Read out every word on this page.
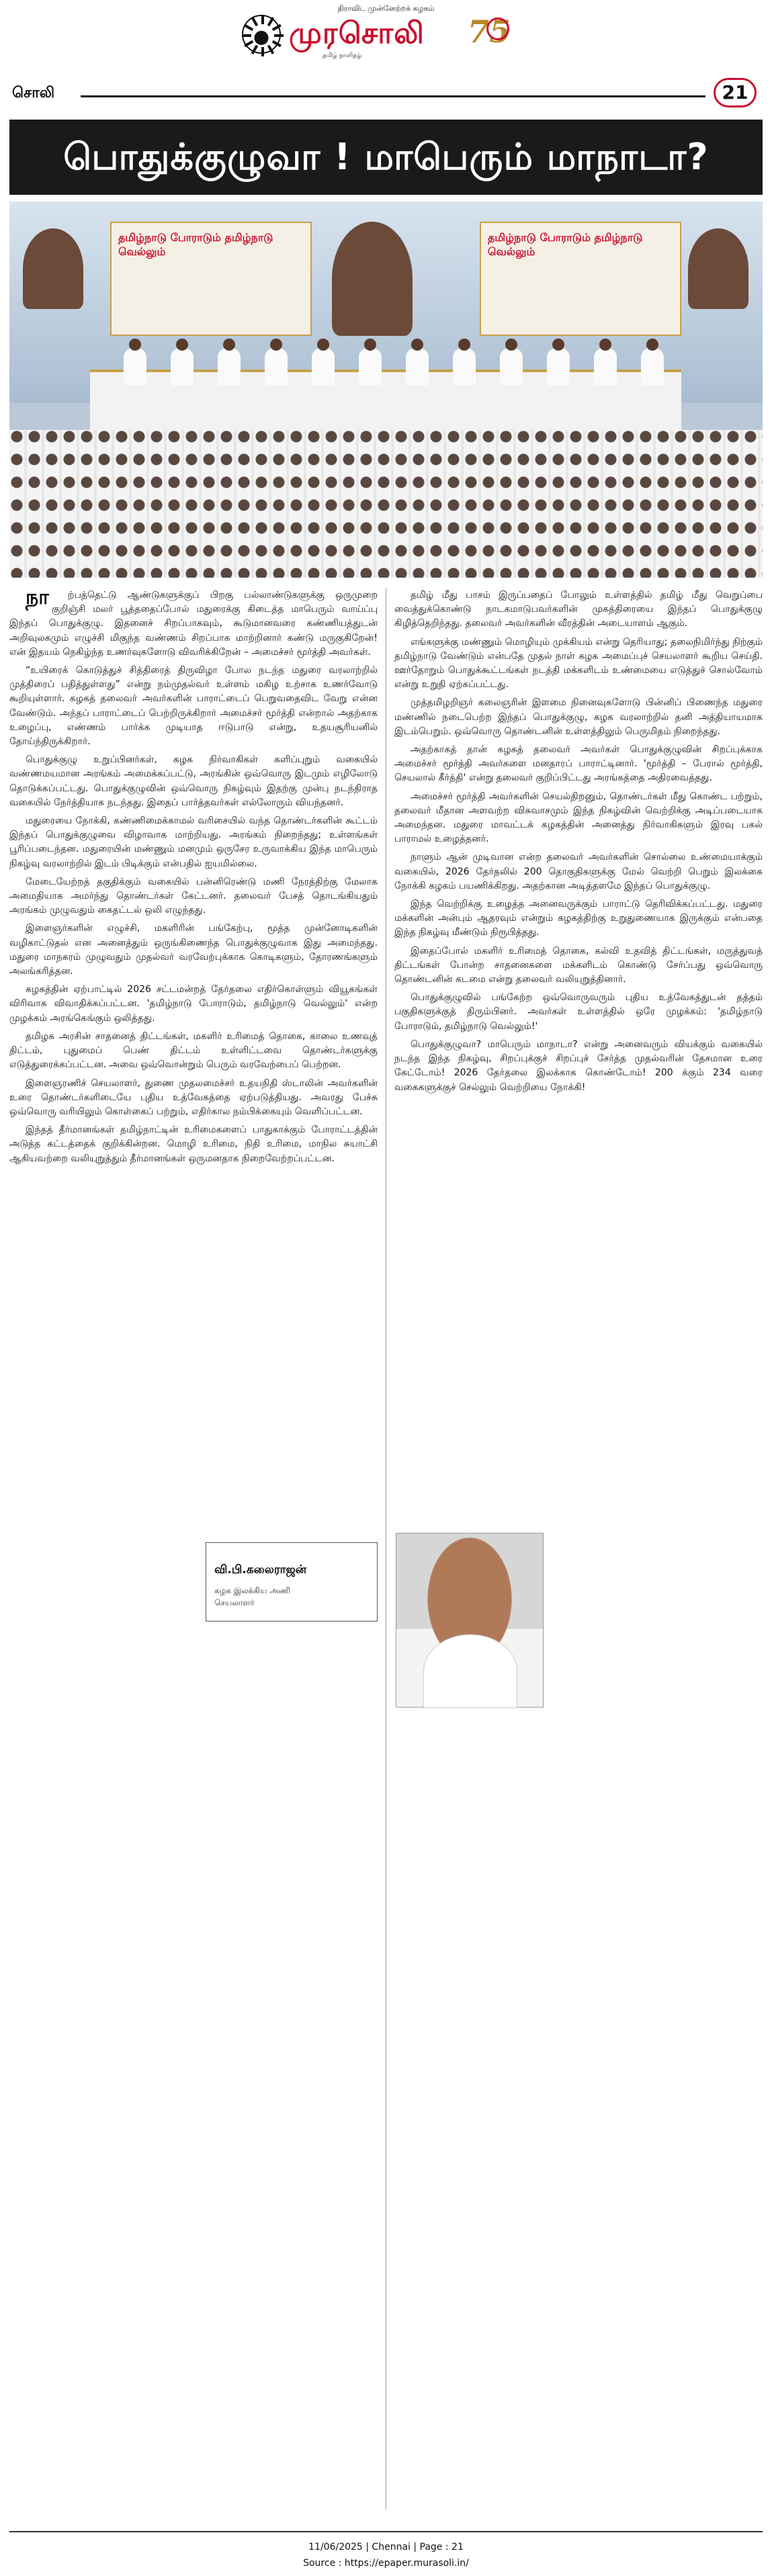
திராவிட முன்னேற்றக் கழகம்
முரசொலி
தமிழ் நாளிதழ்
75
சொலி	21
பொதுக்குழுவா ! மாபெரும் மாநாடா?
தமிழ்நாடு போராடும் தமிழ்நாடு வெல்லும்
தமிழ்நாடு போராடும் தமிழ்நாடு வெல்லும்

நாற்பத்தெட்டு ஆண்டுகளுக்குப் பிறகு பல்லாண்டுகளுக்கு ஒருமுறை குறிஞ்சி மலர் பூத்ததைப்போல் மதுரைக்கு கிடைத்த மாபெரும் வாய்ப்பு இந்தப் பொதுக்குழு. இதனைச் சிறப்பாகவும், கூடுமானவரை கண்ணியத்துடன் அறிவுலகமும் எழுச்சி மிகுந்த வண்ணம் சிறப்பாக மாற்றினார் கண்டு மருகுகிறேன்! என் இதயம் நெகிழ்ந்த உணர்வுகளோடு விவரிக்கிறேன் – அமைச்சர் மூர்த்தி அவர்கள்.

“உயிரைக் கொடுத்துச் சித்திரைத் திருவிழா போல நடந்த மதுரை வரலாற்றில் முத்திரைப் பதித்துள்ளது” என்று நம்முதல்வர் உள்ளம் மகிழ உற்சாக உணர்வோடு கூறியுள்ளார். கழகத் தலைவர் அவர்களின் பாராட்டைப் பெறுவதைவிட வேறு என்ன வேண்டும். அந்தப் பாராட்டைப் பெற்றிருக்கிறார் அமைச்சர் மூர்த்தி என்றால் அதற்காக உழைப்பு, எண்ணம் பார்க்க முடியாத ஈடுபாடு என்று, உதயசூரியனில் தோய்ந்திருக்கிறார்.

பொதுக்குழு உறுப்பினர்கள், கழக நிர்வாகிகள் களிப்புறும் வகையில் வண்ணமயமான அரங்கம் அமைக்கப்பட்டு, அரங்கின் ஒவ்வொரு இடமும் எழிலோடு தொடுக்கப்பட்டது. பொதுக்குழுவின் ஒவ்வொரு நிகழ்வும் இதற்கு முன்பு நடந்திராத வகையில் நேர்த்தியாக நடந்தது. இதைப் பார்த்தவர்கள் எல்லோரும் வியந்தனர்.

மதுரையை நோக்கி, கண்ணிமைக்காமல் வரிசையில் வந்த தொண்டர்களின் கூட்டம் இந்தப் பொதுக்குழுவை விழாவாக மாற்றியது. அரங்கம் நிறைந்தது; உள்ளங்கள் பூரிப்படைந்தன. மதுரையின் மண்ணும் மனமும் ஒருசேர உருவாக்கிய இந்த மாபெரும் நிகழ்வு வரலாற்றில் இடம் பிடிக்கும் என்பதில் ஐயமில்லை.

மேடையேற்றத் தகுதிக்கும் வகையில் பன்னிரெண்டு மணி நேரத்திற்கு மேலாக அமைதியாக அமர்ந்து தொண்டர்கள் கேட்டனர். தலைவர் பேசத் தொடங்கியதும் அரங்கம் முழுவதும் கைதட்டல் ஒலி எழுந்தது.

இளைஞர்களின் எழுச்சி, மகளிரின் பங்கேற்பு, மூத்த முன்னோடிகளின் வழிகாட்டுதல் என அனைத்தும் ஒருங்கிணைந்த பொதுக்குழுவாக இது அமைந்தது. மதுரை மாநகரம் முழுவதும் முதல்வர் வரவேற்புக்காக கொடிகளும், தோரணங்களும் அலங்கரித்தன.

கழகத்தின் ஏற்பாட்டில் 2026 சட்டமன்றத் தேர்தலை எதிர்கொள்ளும் வியூகங்கள் விரிவாக விவாதிக்கப்பட்டன. 'தமிழ்நாடு போராடும், தமிழ்நாடு வெல்லும்' என்ற முழக்கம் அரங்கெங்கும் ஒலித்தது.

தமிழக அரசின் சாதனைத் திட்டங்கள், மகளிர் உரிமைத் தொகை, காலை உணவுத் திட்டம், புதுமைப் பெண் திட்டம் உள்ளிட்டவை தொண்டர்களுக்கு எடுத்துரைக்கப்பட்டன. அவை ஒவ்வொன்றும் பெரும் வரவேற்பைப் பெற்றன.

இளைஞரணிச் செயலாளர், துணை முதலமைச்சர் உதயநிதி ஸ்டாலின் அவர்களின் உரை தொண்டர்களிடையே புதிய உத்வேகத்தை ஏற்படுத்தியது. அவரது பேச்சு ஒவ்வொரு வரியிலும் கொள்கைப் பற்றும், எதிர்கால நம்பிக்கையும் வெளிப்பட்டன.

இந்தத் தீர்மானங்கள் தமிழ்நாட்டின் உரிமைகளைப் பாதுகாக்கும் போராட்டத்தின் அடுத்த கட்டத்தைக் குறிக்கின்றன. மொழி உரிமை, நிதி உரிமை, மாநில சுயாட்சி ஆகியவற்றை வலியுறுத்தும் தீர்மானங்கள் ஒருமனதாக நிறைவேற்றப்பட்டன.

தமிழ் மீது பாசம் இருப்பதைப் போலும் உள்ளத்தில் தமிழ் மீது வெறுப்பை வைத்துக்கொண்டு நாடகமாடுபவர்களின் முகத்திரையை இந்தப் பொதுக்குழு கிழித்தெறிந்தது. தலைவர் அவர்களின் வீரத்தின் அடையாளம் ஆகும்.

எங்களுக்கு மண்ணும் மொழியும் முக்கியம் என்று தெரியாது; தலைநிமிர்ந்து நிற்கும் தமிழ்நாடு வேண்டும் என்பதே முதல் நாள் கழக அமைப்புச் செயலாளர் கூறிய செய்தி. ஊர்தோறும் பொதுக்கூட்டங்கள் நடத்தி மக்களிடம் உண்மையை எடுத்துச் சொல்வோம் என்று உறுதி ஏற்கப்பட்டது.

முத்தமிழறிஞர் கலைஞரின் இளமை நினைவுகளோடு பின்னிப் பிணைந்த மதுரை மண்ணில் நடைபெற்ற இந்தப் பொதுக்குழு, கழக வரலாற்றில் தனி அத்தியாயமாக இடம்பெறும். ஒவ்வொரு தொண்டனின் உள்ளத்திலும் பெருமிதம் நிறைந்தது.

அதற்காகத் தான் கழகத் தலைவர் அவர்கள் பொதுக்குழுவின் சிறப்புக்காக அமைச்சர் மூர்த்தி அவர்களை மனதாரப் பாராட்டினார். 'மூர்த்தி – பேரால் மூர்த்தி, செயலால் கீர்த்தி' என்று தலைவர் குறிப்பிட்டது அரங்கத்தை அதிரவைத்தது.

அமைச்சர் மூர்த்தி அவர்களின் செயல்திறனும், தொண்டர்கள் மீது கொண்ட பற்றும், தலைவர் மீதான அளவற்ற விசுவாசமும் இந்த நிகழ்வின் வெற்றிக்கு அடிப்படையாக அமைந்தன. மதுரை மாவட்டக் கழகத்தின் அனைத்து நிர்வாகிகளும் இரவு பகல் பாராமல் உழைத்தனர்.

நாளும் ஆன் முடிவான என்ற தலைவர் அவர்களின் சொல்லை உண்மையாக்கும் வகையில், 2026 தேர்தலில் 200 தொகுதிகளுக்கு மேல் வெற்றி பெறும் இலக்கை நோக்கி கழகம் பயணிக்கிறது. அதற்கான அடித்தளமே இந்தப் பொதுக்குழு.

இந்த வெற்றிக்கு உழைத்த அனைவருக்கும் பாராட்டு தெரிவிக்கப்பட்டது. மதுரை மக்களின் அன்பும் ஆதரவும் என்றும் கழகத்திற்கு உறுதுணையாக இருக்கும் என்பதை இந்த நிகழ்வு மீண்டும் நிரூபித்தது.

இதைப்போல் மகளிர் உரிமைத் தொகை, கல்வி உதவித் திட்டங்கள், மருத்துவத் திட்டங்கள் போன்ற சாதனைகளை மக்களிடம் கொண்டு சேர்ப்பது ஒவ்வொரு தொண்டனின் கடமை என்று தலைவர் வலியுறுத்தினார்.

பொதுக்குழுவில் பங்கேற்ற ஒவ்வொருவரும் புதிய உத்வேகத்துடன் தத்தம் பகுதிகளுக்குத் திரும்பினர். அவர்கள் உள்ளத்தில் ஒரே முழக்கம்: 'தமிழ்நாடு போராடும், தமிழ்நாடு வெல்லும்!'

பொதுக்குழுவா? மாபெரும் மாநாடா? என்று அனைவரும் வியக்கும் வகையில் நடந்த இந்த நிகழ்வு, சிறப்புக்குச் சிறப்புச் சேர்த்த முதல்வரின் தேசமான உரை கேட்டோம்! 2026 தேர்தலை இலக்காக கொண்டோம்! 200 க்கும் 234 வரை வகைகளுக்குச் செல்லும் வெற்றியை நோக்கி!

வி.பி.கலைராஜன்
கழக இலக்கிய அணி செயலாளர்
11/06/2025 | Chennai | Page : 21
Source : https://epaper.murasoli.in/
